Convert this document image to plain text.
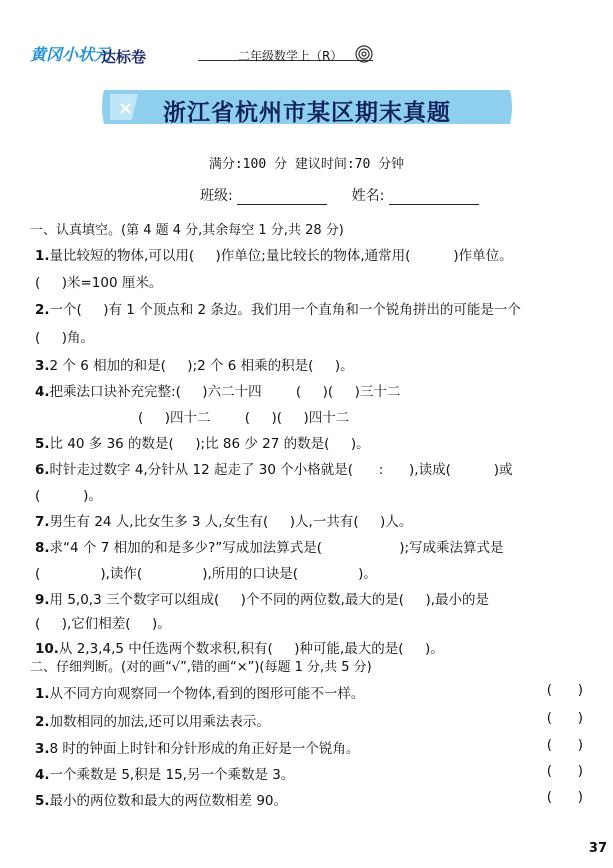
黄冈小状元
达标卷	二年级数学上（R）
×	浙江省杭州市某区期末真题
满分:100 分 建议时间:70 分钟
班级:	姓名:
一、认真填空。(第 4 题 4 分,其余每空 1 分,共 28 分)
1.量比较短的物体,可以用(     )作单位;量比较长的物体,通常用(          )作单位。
(     )米=100 厘米。
2.一个(     )有 1 个顶点和 2 条边。我们用一个直角和一个锐角拼出的可能是一个
(     )角。
3.2 个 6 相加的和是(     );2 个 6 相乘的积是(     )。
4.把乘法口诀补充完整:(     )六二十四        (     )(     )三十二
(     )四十二        (     )(     )四十二
5.比 40 多 36 的数是(     );比 86 少 27 的数是(     )。
6.时针走过数字 4,分针从 12 起走了 30 个小格就是(      :      ),读成(          )或
(          )。
7.男生有 24 人,比女生多 3 人,女生有(     )人,一共有(     )人。
8.求“4 个 7 相加的和是多少?”写成加法算式是(                  );写成乘法算式是
(              ),读作(              ),所用的口诀是(              )。
9.用 5,0,3 三个数字可以组成(     )个不同的两位数,最大的是(     ),最小的是
(     ),它们相差(     )。
10.从 2,3,4,5 中任选两个数求积,积有(     )种可能,最大的是(     )。
二、仔细判断。(对的画“√”,错的画“×”)(每题 1 分,共 5 分)
1.从不同方向观察同一个物体,看到的图形可能不一样。	(      )
2.加数相同的加法,还可以用乘法表示。	(      )
3.8 时的钟面上时针和分针形成的角正好是一个锐角。	(      )
4.一个乘数是 5,积是 15,另一个乘数是 3。	(      )
5.最小的两位数和最大的两位数相差 90。	(      )
37
